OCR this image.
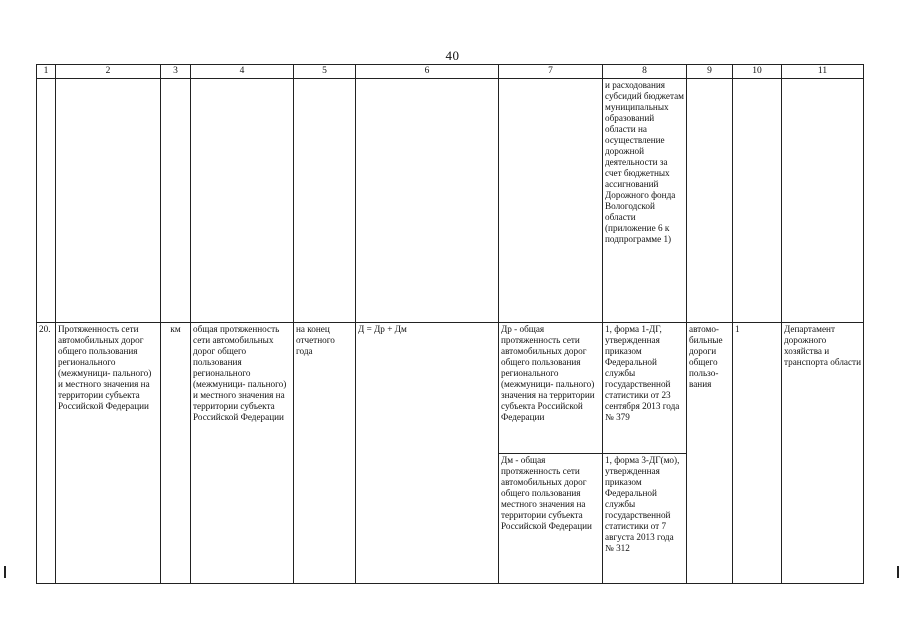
40
1	2	3	4	5	6	7	8	9	10	11
							и расходования субсидий бюджетам муниципальных образований области на осуществление дорожной деятельности за счет бюджетных ассигнований Дорожного фонда Вологодской области (приложение 6 к подпрограмме 1)			
20.	Протяженность сети автомобильных дорог общего пользования регионального (межмуници- пального) и местного значения на территории субъекта Российской Федерации	км	общая протяженность сети автомобильных дорог общего пользования регионального (межмуници- пального) и местного значения на территории субъекта Российской Федерации	на конец отчетного года	Д = Др + Дм	Др - общая протяженность сети автомобильных дорог общего пользования регионального (межмуници- пального) значения на территории субъекта Российской Федерации	1, форма 1-ДГ, утвержденная приказом Федеральной службы государственной статистики от 23 сентября 2013 года № 379	автомо- бильные дороги общего пользо- вания	1	Департамент дорожного хозяйства и транспорта области
						Дм - общая протяженность сети автомобильных дорог общего пользования местного значения на территории субъекта Российской Федерации	1, форма 3-ДГ(мо), утвержденная приказом Федеральной службы государственной статистики от 7 августа 2013 года № 312			
